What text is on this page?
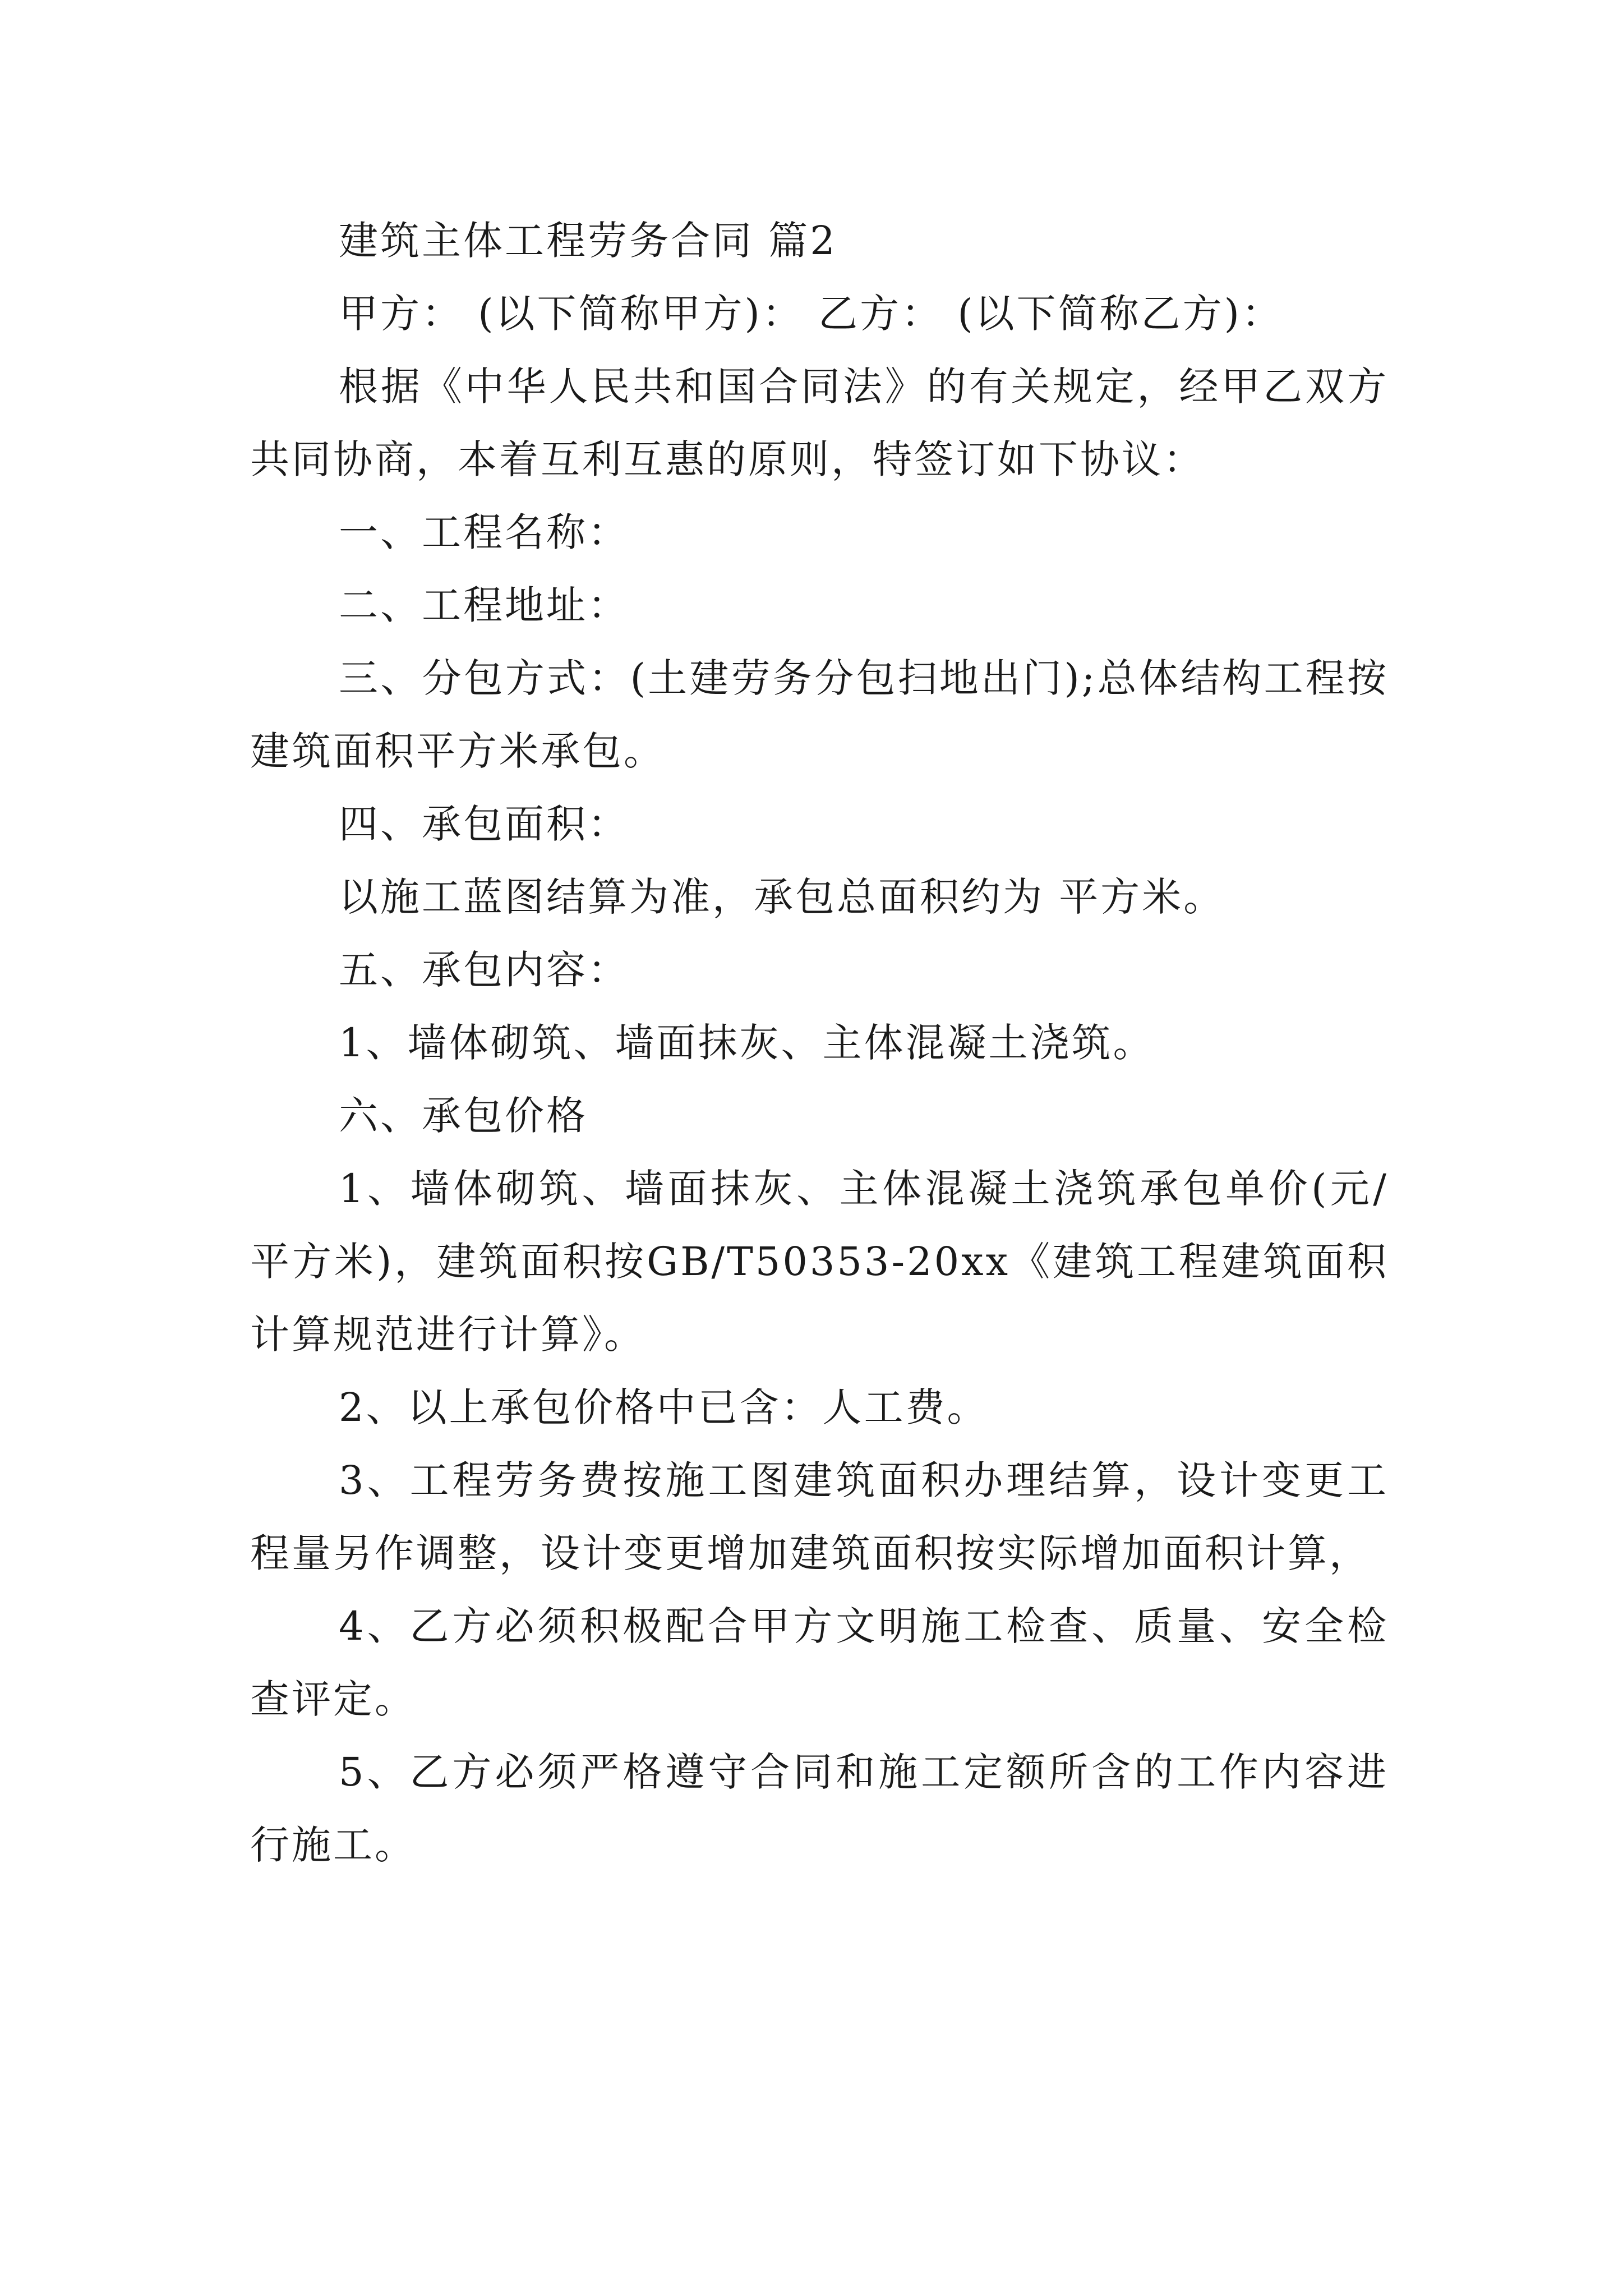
建筑主体工程劳务合同 篇2

甲方： (以下简称甲方)： 乙方： (以下简称乙方)：

根据《中华人民共和国合同法》的有关规定，经甲乙双方共同协商，本着互利互惠的原则，特签订如下协议：

一、工程名称：

二、工程地址：

三、分包方式：(土建劳务分包扫地出门);总体结构工程按建筑面积平方米承包。

四、承包面积：

以施工蓝图结算为准，承包总面积约为 平方米。

五、承包内容：

1、墙体砌筑、墙面抹灰、主体混凝土浇筑。

六、承包价格

1、墙体砌筑、墙面抹灰、主体混凝土浇筑承包单价(元/平方米)，建筑面积按GB/T50353-20xx《建筑工程建筑面积计算规范进行计算》。

2、以上承包价格中已含：人工费。

3、工程劳务费按施工图建筑面积办理结算，设计变更工程量另作调整，设计变更增加建筑面积按实际增加面积计算，

4、乙方必须积极配合甲方文明施工检查、质量、安全检查评定。

5、乙方必须严格遵守合同和施工定额所含的工作内容进行施工。
